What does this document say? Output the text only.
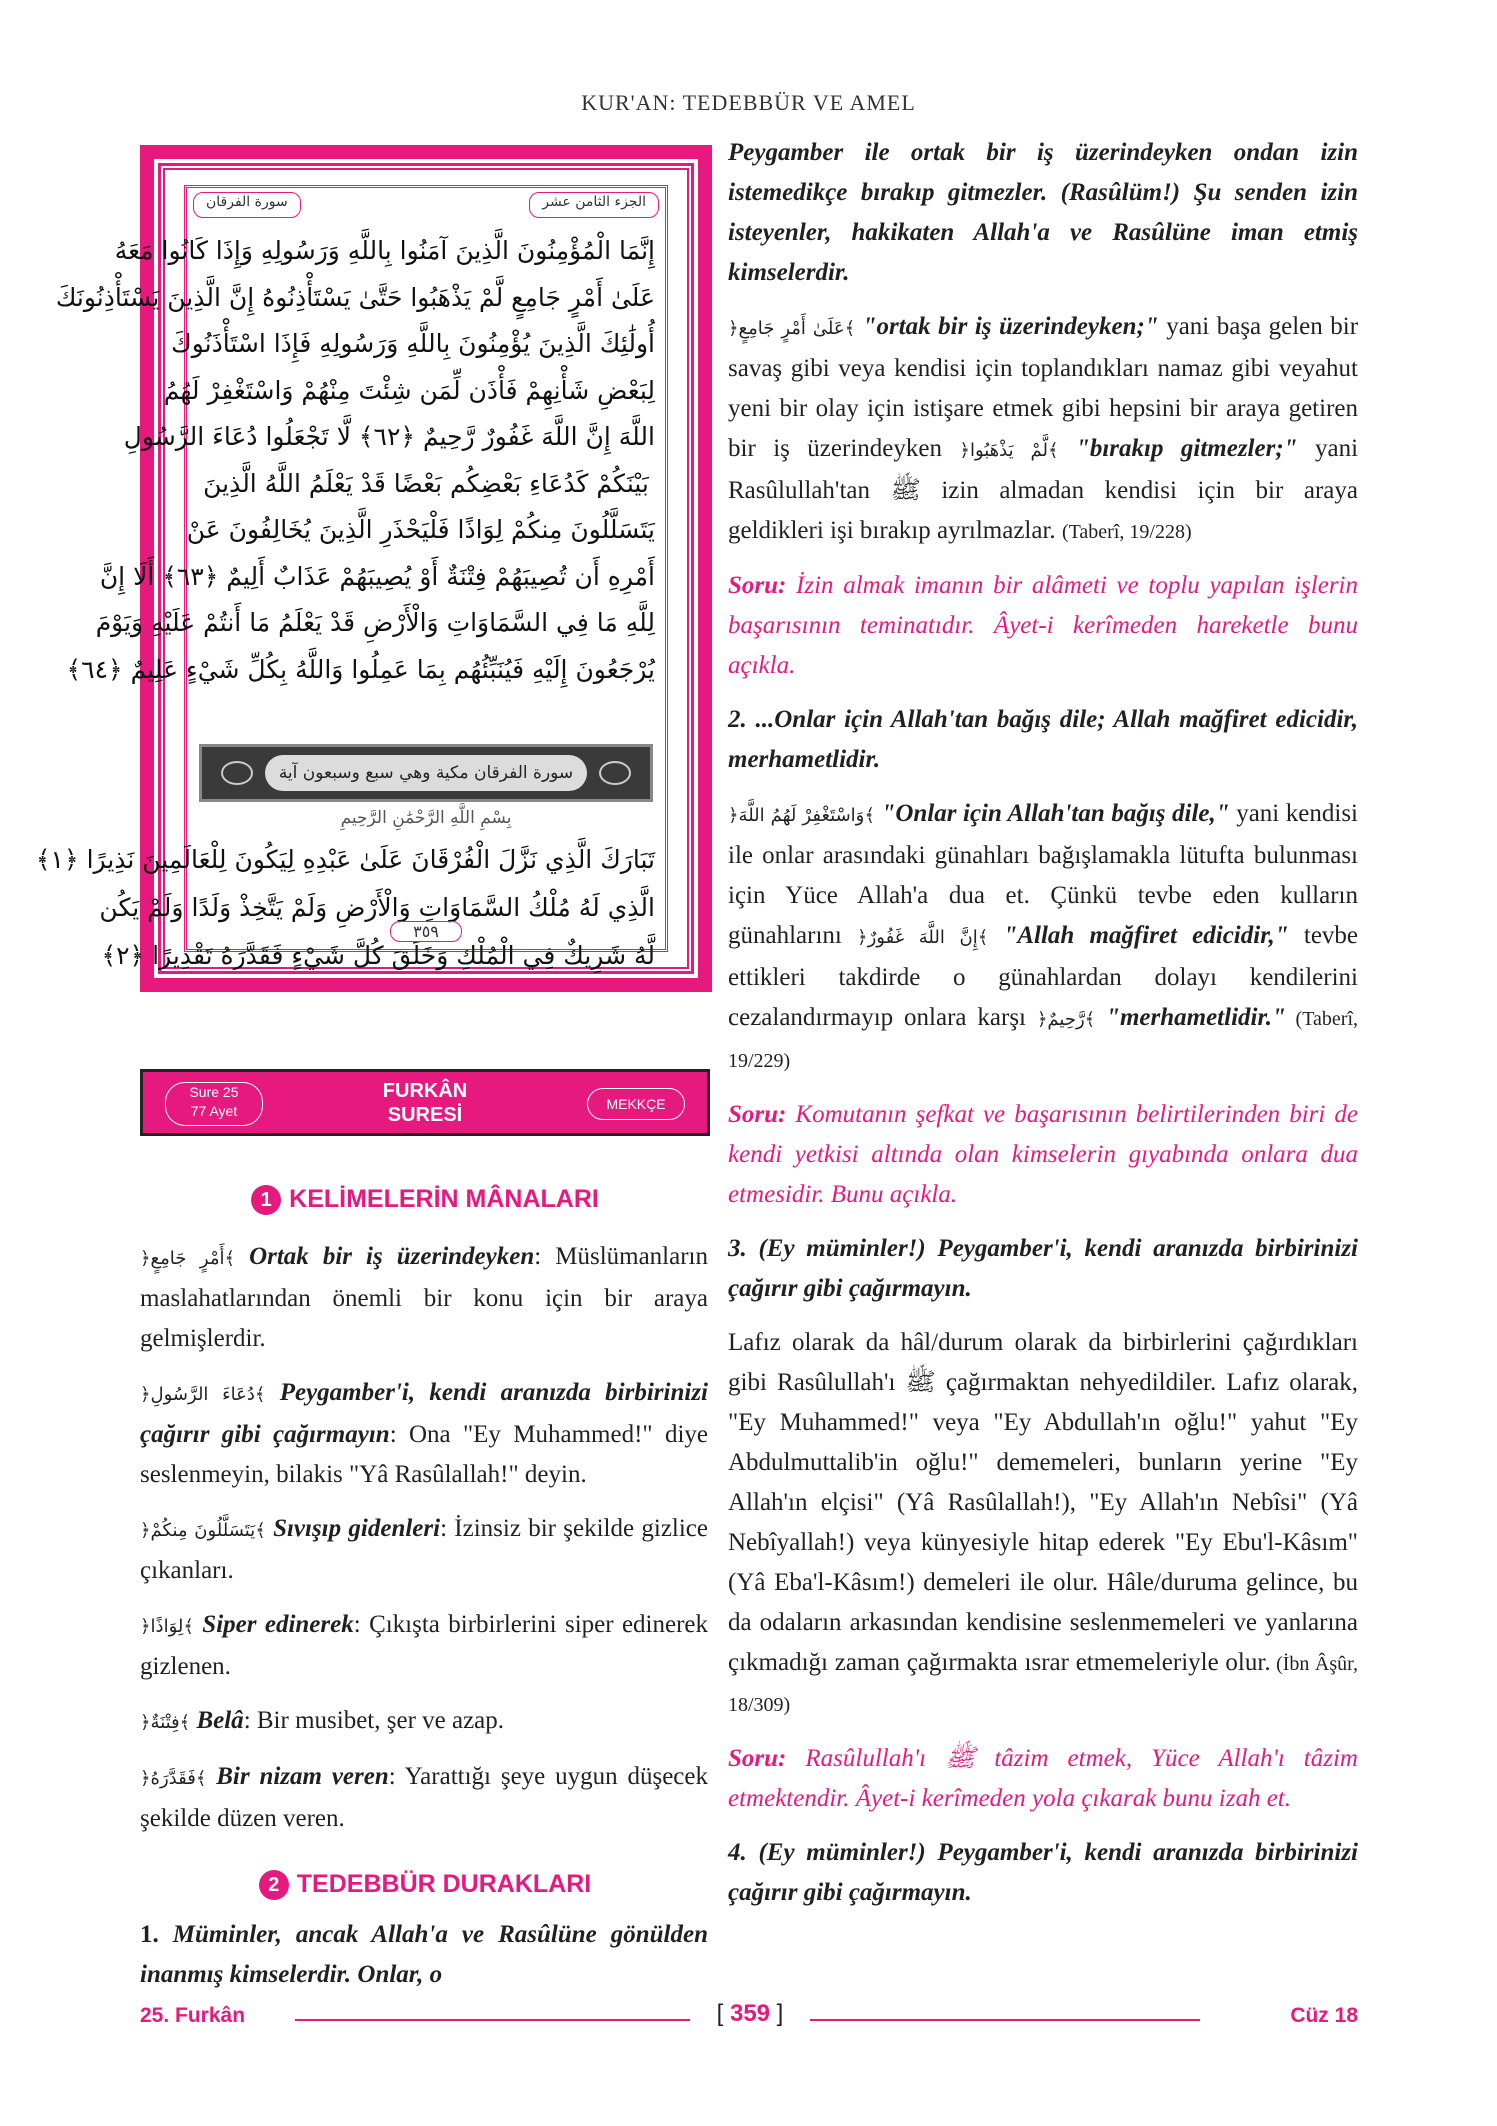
KUR'AN: TEDEBBÜR VE AMEL
الجزء الثامن عشر
سورة الفرقان
إِنَّمَا الْمُؤْمِنُونَ الَّذِينَ آمَنُوا بِاللَّهِ وَرَسُولِهِ وَإِذَا كَانُوا مَعَهُ
عَلَىٰ أَمْرٍ جَامِعٍ لَّمْ يَذْهَبُوا حَتَّىٰ يَسْتَأْذِنُوهُ إِنَّ الَّذِينَ يَسْتَأْذِنُونَكَ
أُولَٰئِكَ الَّذِينَ يُؤْمِنُونَ بِاللَّهِ وَرَسُولِهِ فَإِذَا اسْتَأْذَنُوكَ
لِبَعْضِ شَأْنِهِمْ فَأْذَن لِّمَن شِئْتَ مِنْهُمْ وَاسْتَغْفِرْ لَهُمُ
اللَّهَ إِنَّ اللَّهَ غَفُورٌ رَّحِيمٌ ﴿٦٢﴾ لَّا تَجْعَلُوا دُعَاءَ الرَّسُولِ
بَيْنَكُمْ كَدُعَاءِ بَعْضِكُم بَعْضًا قَدْ يَعْلَمُ اللَّهُ الَّذِينَ
يَتَسَلَّلُونَ مِنكُمْ لِوَاذًا فَلْيَحْذَرِ الَّذِينَ يُخَالِفُونَ عَنْ
أَمْرِهِ أَن تُصِيبَهُمْ فِتْنَةٌ أَوْ يُصِيبَهُمْ عَذَابٌ أَلِيمٌ ﴿٦٣﴾ أَلَا إِنَّ
لِلَّهِ مَا فِي السَّمَاوَاتِ وَالْأَرْضِ قَدْ يَعْلَمُ مَا أَنتُمْ عَلَيْهِ وَيَوْمَ
يُرْجَعُونَ إِلَيْهِ فَيُنَبِّئُهُم بِمَا عَمِلُوا وَاللَّهُ بِكُلِّ شَيْءٍ عَلِيمٌ ﴿٦٤﴾
سورة الفرقان مكية وهي سبع وسبعون آية
بِسْمِ اللَّهِ الرَّحْمَٰنِ الرَّحِيمِ
تَبَارَكَ الَّذِي نَزَّلَ الْفُرْقَانَ عَلَىٰ عَبْدِهِ لِيَكُونَ لِلْعَالَمِينَ نَذِيرًا ﴿١﴾
الَّذِي لَهُ مُلْكُ السَّمَاوَاتِ وَالْأَرْضِ وَلَمْ يَتَّخِذْ وَلَدًا وَلَمْ يَكُن
لَّهُ شَرِيكٌ فِي الْمُلْكِ وَخَلَقَ كُلَّ شَيْءٍ فَقَدَّرَهُ تَقْدِيرًا ﴿٢﴾
٣٥٩
Sure 25
77 Ayet
FURKÂN
SURESİ	MEKKÇE
1 KELİMELERİN MÂNALARI

﴿أَمْرٍ جَامِعٍ﴾ Ortak bir iş üzerindeyken: Müslümanların maslahatlarından önemli bir konu için bir araya gelmişlerdir.

﴿دُعَاءَ الرَّسُولِ﴾ Peygamber'i, kendi aranızda birbirinizi çağırır gibi çağırmayın: Ona "Ey Muhammed!" diye seslenmeyin, bilakis "Yâ Rasûlallah!" deyin.

﴿يَتَسَلَّلُونَ مِنكُمْ﴾ Sıvışıp gidenleri: İzinsiz bir şekilde gizlice çıkanları.

﴿لِوَاذًا﴾ Siper edinerek: Çıkışta birbirlerini siper edinerek gizlenen.

﴿فِتْنَةٌ﴾ Belâ: Bir musibet, şer ve azap.

﴿فَقَدَّرَهُ﴾ Bir nizam veren: Yarattığı şeye uygun düşecek şekilde düzen veren.

2 TEDEBBÜR DURAKLARI

1. Müminler, ancak Allah'a ve Rasûlüne gönülden inanmış kimselerdir. Onlar, o

Peygamber ile ortak bir iş üzerindeyken ondan izin istemedikçe bırakıp gitmezler. (Rasûlüm!) Şu senden izin isteyenler, hakikaten Allah'a ve Rasûlüne iman etmiş kimselerdir.

﴿عَلَىٰ أَمْرٍ جَامِعٍ﴾ "ortak bir iş üzerindeyken;" yani başa gelen bir savaş gibi veya kendisi için toplandıkları namaz gibi veyahut yeni bir olay için istişare etmek gibi hepsini bir araya getiren bir iş üzerindeyken ﴿لَّمْ يَذْهَبُوا﴾ "bırakıp gitmezler;" yani Rasûlullah'tan ﷺ izin almadan kendisi için bir araya geldikleri işi bırakıp ayrılmazlar. (Taberî, 19/228)

Soru: İzin almak imanın bir alâmeti ve toplu yapılan işlerin başarısının teminatıdır. Âyet-i kerîmeden hareketle bunu açıkla.

2. ...Onlar için Allah'tan bağış dile; Allah mağfiret edicidir, merhametlidir.

﴿وَاسْتَغْفِرْ لَهُمُ اللَّهَ﴾ "Onlar için Allah'tan bağış dile," yani kendisi ile onlar arasındaki günahları bağışlamakla lütufta bulunması için Yüce Allah'a dua et. Çünkü tevbe eden kulların günahlarını ﴿إِنَّ اللَّهَ غَفُورٌ﴾ "Allah mağfiret edicidir," tevbe ettikleri takdirde o günahlardan dolayı kendilerini cezalandırmayıp onlara karşı ﴿رَّحِيمٌ﴾ "merhametlidir." (Taberî, 19/229)

Soru: Komutanın şefkat ve başarısının belirtilerinden biri de kendi yetkisi altında olan kimselerin gıyabında onlara dua etmesidir. Bunu açıkla.

3. (Ey müminler!) Peygamber'i, kendi aranızda birbirinizi çağırır gibi çağırmayın.

Lafız olarak da hâl/durum olarak da birbirlerini çağırdıkları gibi Rasûlullah'ı ﷺ çağırmaktan nehyedildiler. Lafız olarak, "Ey Muhammed!" veya "Ey Abdullah'ın oğlu!" yahut "Ey Abdulmuttalib'in oğlu!" dememeleri, bunların yerine "Ey Allah'ın elçisi" (Yâ Rasûlallah!), "Ey Allah'ın Nebîsi" (Yâ Nebîyallah!) veya künyesiyle hitap ederek "Ey Ebu'l-Kâsım" (Yâ Eba'l-Kâsım!) demeleri ile olur. Hâle/duruma gelince, bu da odaların arkasından kendisine seslenmemeleri ve yanlarına çıkmadığı zaman çağırmakta ısrar etmemeleriyle olur. (İbn Âşûr, 18/309)

Soru: Rasûlullah'ı ﷺ tâzim etmek, Yüce Allah'ı tâzim etmektendir. Âyet-i kerîmeden yola çıkarak bunu izah et.

4. (Ey müminler!) Peygamber'i, kendi aranızda birbirinizi çağırır gibi çağırmayın.

25. Furkân	[ 359 ]	Cüz 18
